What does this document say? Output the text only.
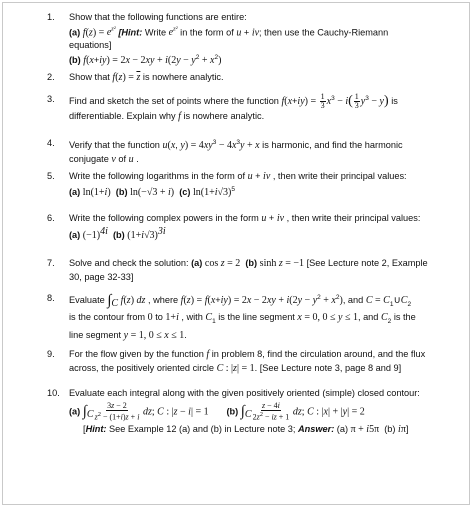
1. Show that the following functions are entire:
(a) $f(z) = e^{z^2}$ [Hint: Write $e^{z^2}$ in the form of u + iv; then use the Cauchy-Riemann
equations]
(b) $f(x+iy) = 2x - 2xy + i(2y - y^2 + x^2)$
2. Show that $f(z) = \overline{z}$ is nowhere analytic.
3. Find and sketch the set of points where the function $f(x+iy) = \frac{1}{3} x^3 - i( \frac{1}{3} y^3 - y)$ is
differentiable. Explain why f is nowhere analytic.
4. Verify that the function u(x, $y) = 4xy^3 - 4x^3y + x$ is harmonic, and find the harmonic
conjugate v of u .
5. Write the following logarithms in the form of u + iv , then write their principal values:
(a) ln(1+i) (b) ln(−√3 + i) (c) $\ln(1+i√3)^5$
6. Write the following complex powers in the form u + iv , then write their principal values:
(a) $(-1)^{4i}$ (b) $(1+i√3)^{3i}$
7. Solve and check the solution: (a) cos z = 2 (b) sinh z = −1 [See Lecture note 2, Example
30, page 32-33]
8. Evaluate $\int_C$ f(z) dz , where $f(z) = f(x+iy) = 2x - 2xy + i(2y - y^2 + x^2)$, and $C = C_1\cup C_2$
is the contour from 0 to 1+i , with $C_1$ is the line segment x = 0, 0 ≤ y ≤ 1, and $C_2$ is the
line segment y = 1, 0 ≤ x ≤ 1.
9. For the flow given by the function f in problem 8, find the circulation around, and the flux
across, the positively oriented circle C : |z| = 1. [See Lecture note 3, page 8 and 9]
10. Evaluate each integral along with the given positively oriented (simple) closed contour:
(a) $\int_C \frac{3z - 2}{z^2 - (1+i)z + i}$ dz; C : |z − i| = 1 (b) $\int_C \frac{z - 4i}{2z^2 - iz + 1}$ dz; C : |x| + |y| = 2
[Hint: See Example 12 (a) and (b) in Lecture note 3; Answer: (a) π + i5π  (b) iπ]
